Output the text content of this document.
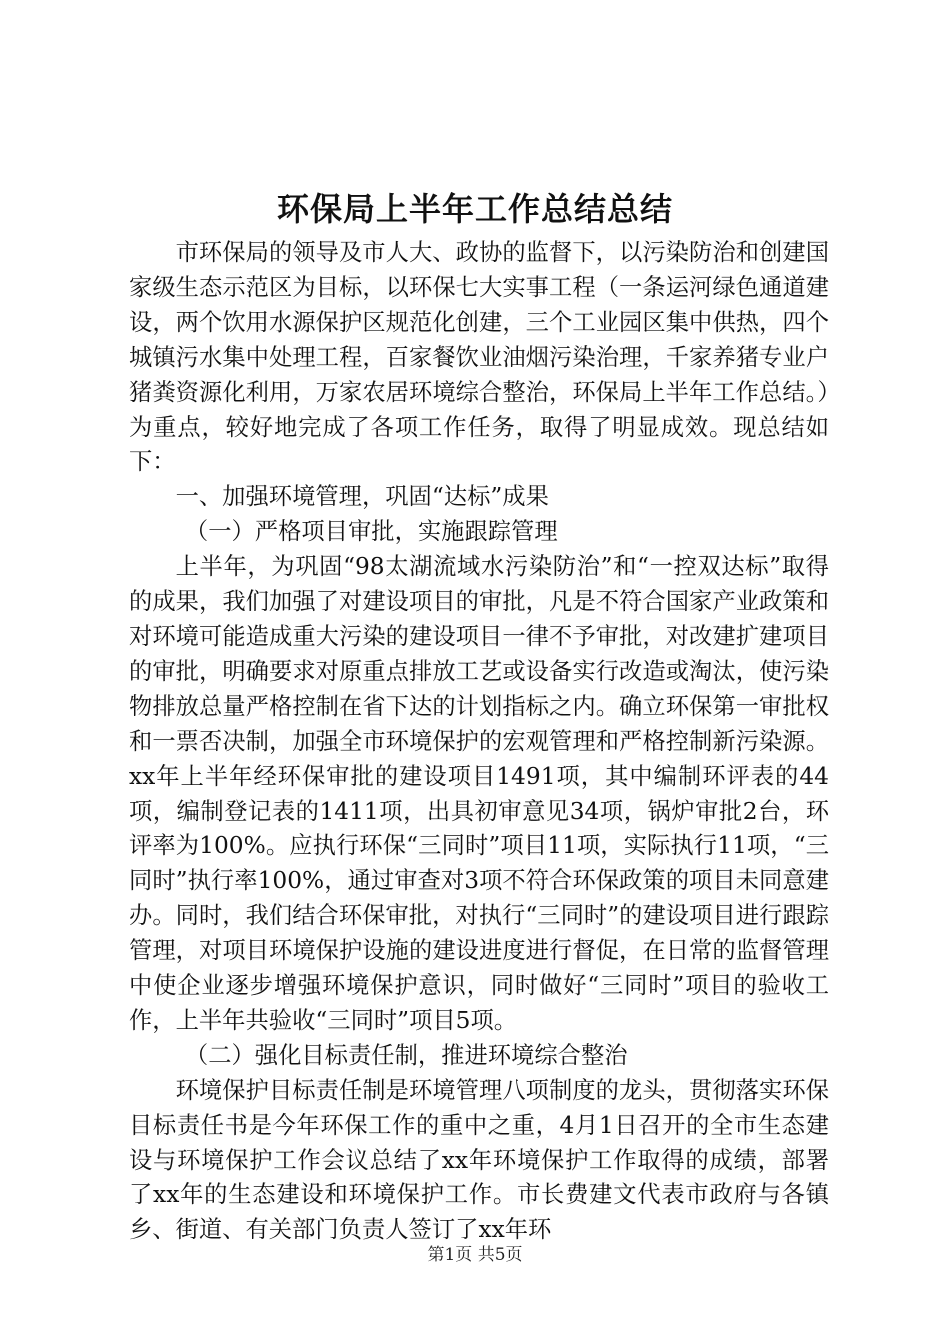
环保局上半年工作总结总结

市环保局的领导及市人大、政协的监督下，以污染防治和创建国家级生态示范区为目标，以环保七大实事工程（一条运河绿色通道建设，两个饮用水源保护区规范化创建，三个工业园区集中供热，四个城镇污水集中处理工程，百家餐饮业油烟污染治理，千家养猪专业户猪粪资源化利用，万家农居环境综合整治，环保局上半年工作总结。）为重点，较好地完成了各项工作任务，取得了明显成效。现总结如下：

一、加强环境管理，巩固“达标”成果

（一）严格项目审批，实施跟踪管理

上半年，为巩固“98太湖流域水污染防治”和“一控双达标”取得的成果，我们加强了对建设项目的审批，凡是不符合国家产业政策和对环境可能造成重大污染的建设项目一律不予审批，对改建扩建项目的审批，明确要求对原重点排放工艺或设备实行改造或淘汰，使污染物排放总量严格控制在省下达的计划指标之内。确立环保第一审批权和一票否决制，加强全市环境保护的宏观管理和严格控制新污染源。xx年上半年经环保审批的建设项目1491项，其中编制环评表的44项，编制登记表的1411项，出具初审意见34项，锅炉审批2台，环评率为100%。应执行环保“三同时”项目11项，实际执行11项，“三同时”执行率100%，通过审查对3项不符合环保政策的项目未同意建办。同时，我们结合环保审批，对执行“三同时”的建设项目进行跟踪管理，对项目环境保护设施的建设进度进行督促，在日常的监督管理中使企业逐步增强环境保护意识，同时做好“三同时”项目的验收工作，上半年共验收“三同时”项目5项。

（二）强化目标责任制，推进环境综合整治

环境保护目标责任制是环境管理八项制度的龙头，贯彻落实环保目标责任书是今年环保工作的重中之重，4月1日召开的全市生态建设与环境保护工作会议总结了xx年环境保护工作取得的成绩，部署了xx年的生态建设和环境保护工作。市长费建文代表市政府与各镇乡、街道、有关部门负责人签订了xx年环

第1页 共5页
